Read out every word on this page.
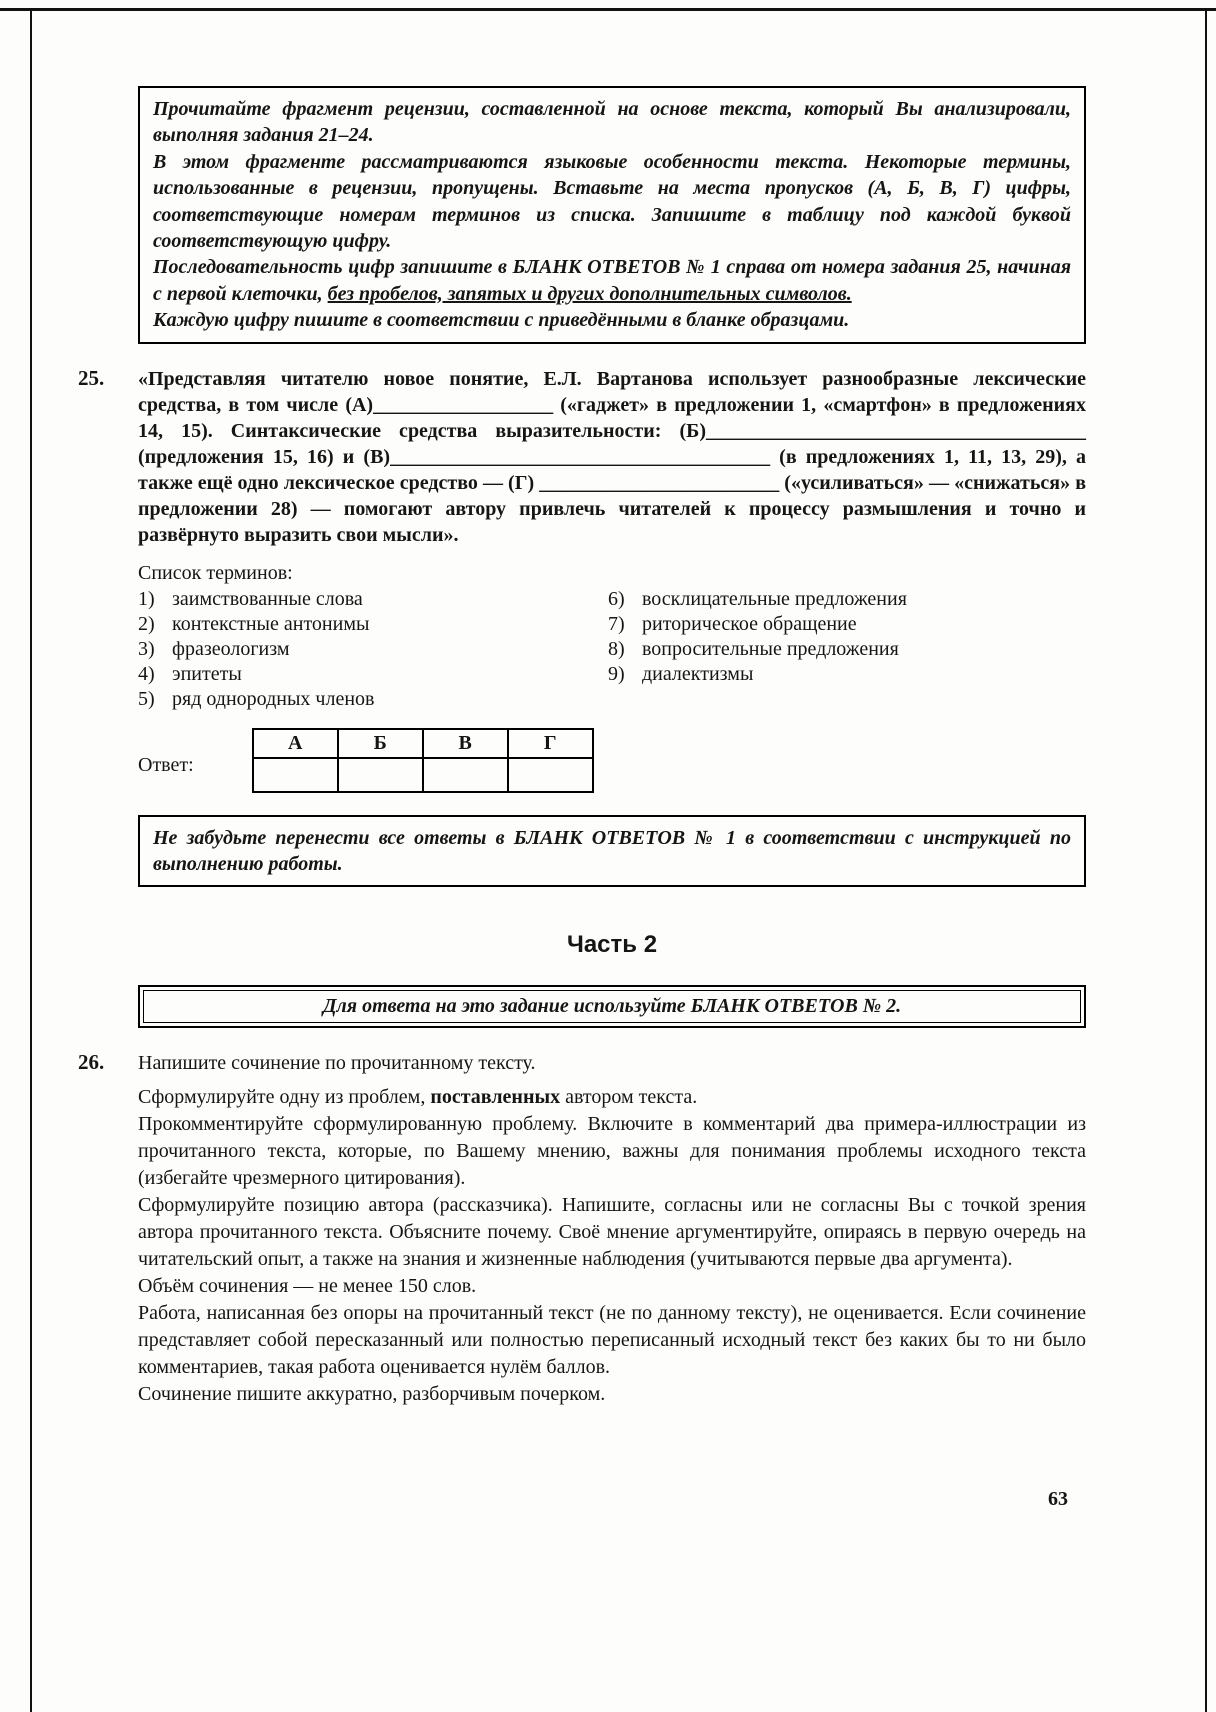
Прочитайте фрагмент рецензии, составленной на основе текста, который Вы анализировали, выполняя задания 21–24.

В этом фрагменте рассматриваются языковые особенности текста. Некоторые термины, использованные в рецензии, пропущены. Вставьте на места пропусков (А, Б, В, Г) цифры, соответствующие номерам терминов из списка. Запишите в таблицу под каждой буквой соответствующую цифру.

Последовательность цифр запишите в БЛАНК ОТВЕТОВ № 1 справа от номера задания 25, начиная с первой клеточки, без пробелов, запятых и других дополнительных символов.

Каждую цифру пишите в соответствии с приведёнными в бланке образцами.

25.	«Представляя читателю новое понятие, Е.Л. Вартанова использует разнообразные лексические средства, в том числе (А)__________________ («гаджет» в предложении 1, «смартфон» в предложениях 14, 15). Синтаксические средства выразительности: (Б)______________________________________ (предложения 15, 16) и (В)______________________________________ (в предложениях 1, 11, 13, 29), а также ещё одно лексическое средство — (Г) ________________________ («усиливаться» — «снижаться» в предложении 28) — помогают автору привлечь читателей к процессу размышления и точно и развёрнуто выразить свои мысли».

Список терминов:

1) заимствованные слова
2) контекстные антонимы
3) фразеологизм
4) эпитеты
5) ряд однородных членов
6) восклицательные предложения
7) риторическое обращение
8) вопросительные предложения
9) диалектизмы
Ответ:
А	Б	В	Г

Не забудьте перенести все ответы в БЛАНК ОТВЕТОВ № 1 в соответствии с инструкцией по выполнению работы.

Часть 2
Для ответа на это задание используйте БЛАНК ОТВЕТОВ № 2.
26.	Напишите сочинение по прочитанному тексту.

Сформулируйте одну из проблем, поставленных автором текста.

Прокомментируйте сформулированную проблему. Включите в комментарий два примера-иллюстрации из прочитанного текста, которые, по Вашему мнению, важны для понимания проблемы исходного текста (избегайте чрезмерного цитирования).

Сформулируйте позицию автора (рассказчика). Напишите, согласны или не согласны Вы с точкой зрения автора прочитанного текста. Объясните почему. Своё мнение аргументируйте, опираясь в первую очередь на читательский опыт, а также на знания и жизненные наблюдения (учитываются первые два аргумента).

Объём сочинения — не менее 150 слов.

Работа, написанная без опоры на прочитанный текст (не по данному тексту), не оценивается. Если сочинение представляет собой пересказанный или полностью переписанный исходный текст без каких бы то ни было комментариев, такая работа оценивается нулём баллов.

Сочинение пишите аккуратно, разборчивым почерком.

63
